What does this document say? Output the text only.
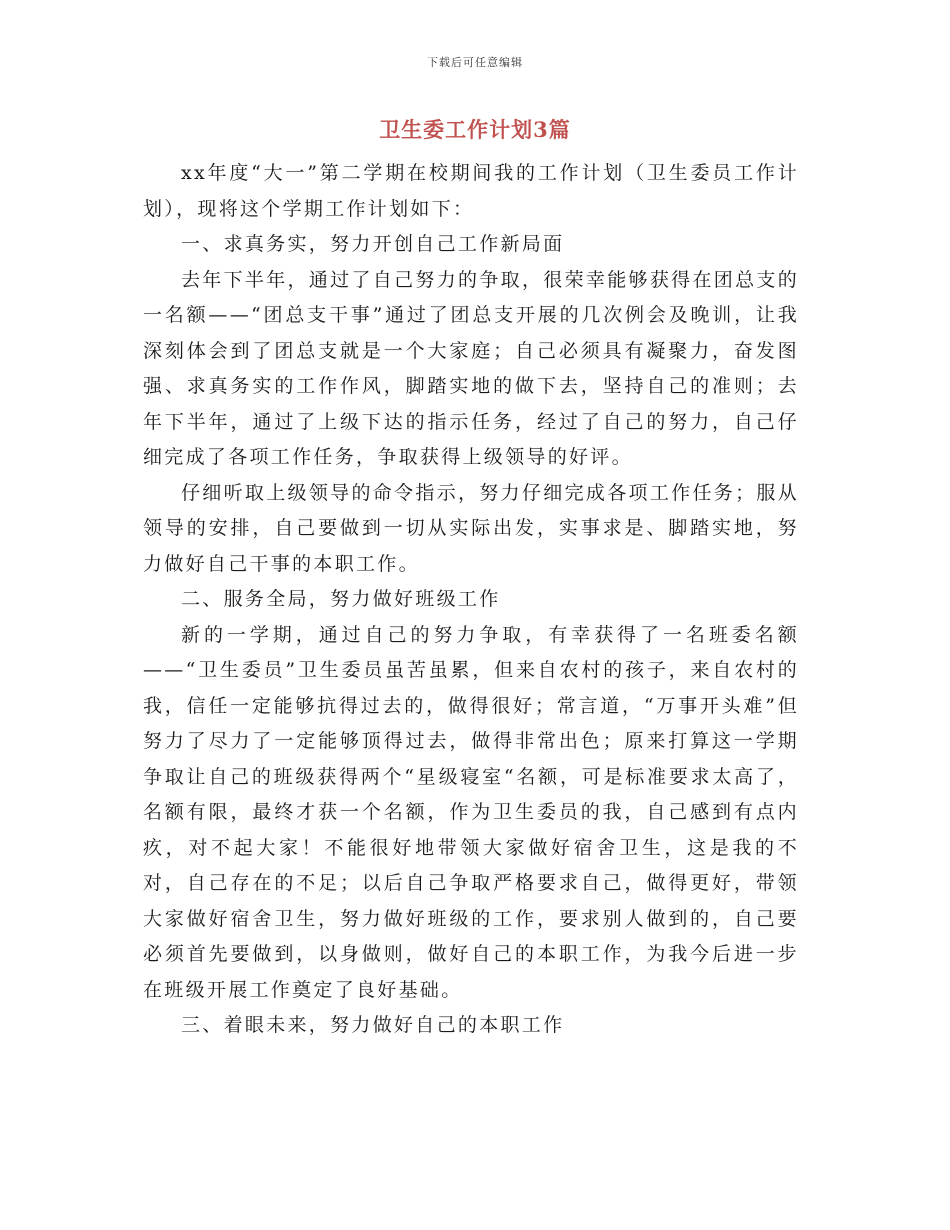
下载后可任意编辑
卫生委工作计划3篇

xx年度“大一”第二学期在校期间我的工作计划（卫生委员工作计划），现将这个学期工作计划如下：

一、求真务实，努力开创自己工作新局面

去年下半年，通过了自己努力的争取，很荣幸能够获得在团总支的一名额——“团总支干事”通过了团总支开展的几次例会及晚训，让我深刻体会到了团总支就是一个大家庭；自己必须具有凝聚力，奋发图强、求真务实的工作作风，脚踏实地的做下去，坚持自己的准则；去年下半年，通过了上级下达的指示任务，经过了自己的努力，自己仔细完成了各项工作任务，争取获得上级领导的好评。

仔细听取上级领导的命令指示，努力仔细完成各项工作任务；服从领导的安排，自己要做到一切从实际出发，实事求是、脚踏实地，努力做好自己干事的本职工作。

二、服务全局，努力做好班级工作

新的一学期，通过自己的努力争取，有幸获得了一名班委名额——“卫生委员”卫生委员虽苦虽累，但来自农村的孩子，来自农村的我，信任一定能够抗得过去的，做得很好；常言道，“万事开头难”但努力了尽力了一定能够顶得过去，做得非常出色；原来打算这一学期争取让自己的班级获得两个“星级寝室“名额，可是标准要求太高了，名额有限，最终才获一个名额，作为卫生委员的我，自己感到有点内疚，对不起大家！不能很好地带领大家做好宿舍卫生，这是我的不对，自己存在的不足；以后自己争取严格要求自己，做得更好，带领大家做好宿舍卫生，努力做好班级的工作，要求别人做到的，自己要必须首先要做到，以身做则，做好自己的本职工作，为我今后进一步在班级开展工作奠定了良好基础。

三、着眼未来，努力做好自己的本职工作
